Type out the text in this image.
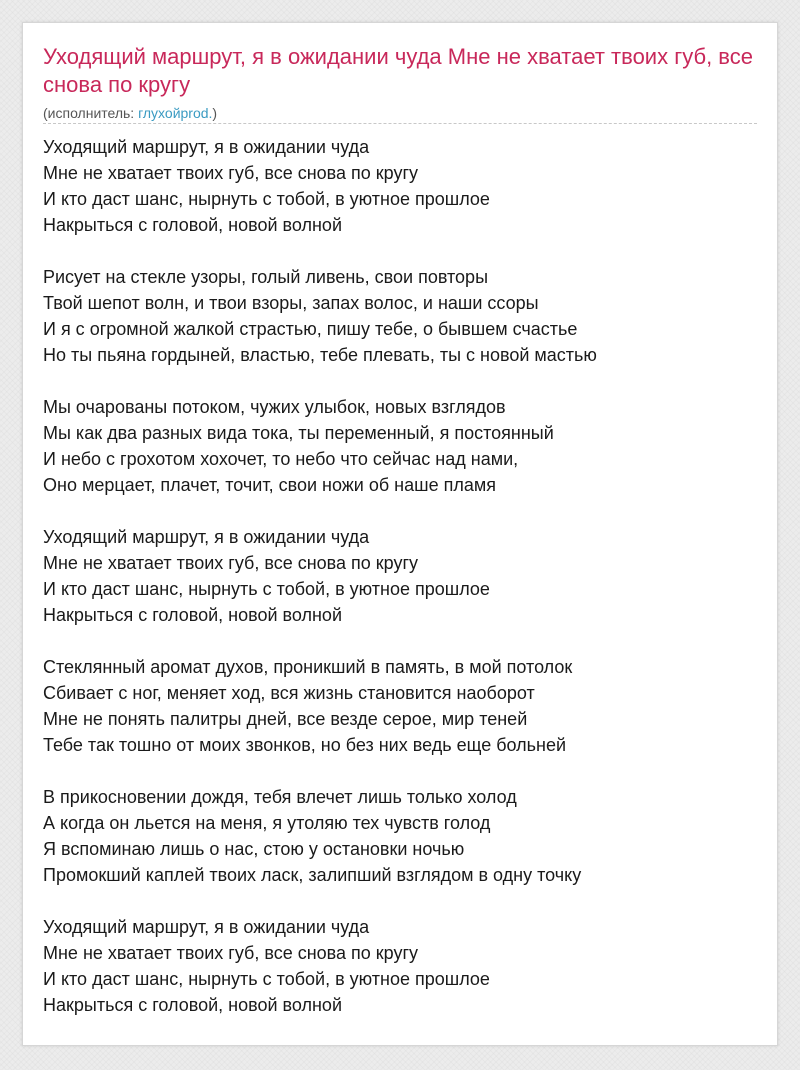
Уходящий маршрут, я в ожидании чуда Мне не хватает твоих губ, все снова по кругу
(исполнитель: глухойprod.)
Уходящий маршрут, я в ожидании чуда
Мне не хватает твоих губ, все снова по кругу
И кто даст шанс, нырнуть с тобой, в уютное прошлое
Накрыться с головой, новой волной
Рисует на стекле узоры, голый ливень, свои повторы
Твой шепот волн, и твои взоры, запах волос, и наши ссоры
И я с огромной жалкой страстью, пишу тебе, о бывшем счастье
Но ты пьяна гордыней, властью, тебе плевать, ты с новой мастью
Мы очарованы потоком, чужих улыбок, новых взглядов
Мы как два разных вида тока, ты переменный, я постоянный
И небо с грохотом хохочет, то небо что сейчас над нами,
Оно мерцает, плачет, точит, свои ножи об наше пламя
Уходящий маршрут, я в ожидании чуда
Мне не хватает твоих губ, все снова по кругу
И кто даст шанс, нырнуть с тобой, в уютное прошлое
Накрыться с головой, новой волной
Стеклянный аромат духов, проникший в память, в мой потолок
Сбивает с ног, меняет ход, вся жизнь становится наоборот
Мне не понять палитры дней, все везде серое, мир теней
Тебе так тошно от моих звонков, но без них ведь еще больней
В прикосновении дождя, тебя влечет лишь только холод
А когда он льется на меня, я утоляю тех чувств голод
Я вспоминаю лишь о нас, стою у остановки ночью
Промокший каплей твоих ласк, залипший взглядом в одну точку
Уходящий маршрут, я в ожидании чуда
Мне не хватает твоих губ, все снова по кругу
И кто даст шанс, нырнуть с тобой, в уютное прошлое
Накрыться с головой, новой волной
